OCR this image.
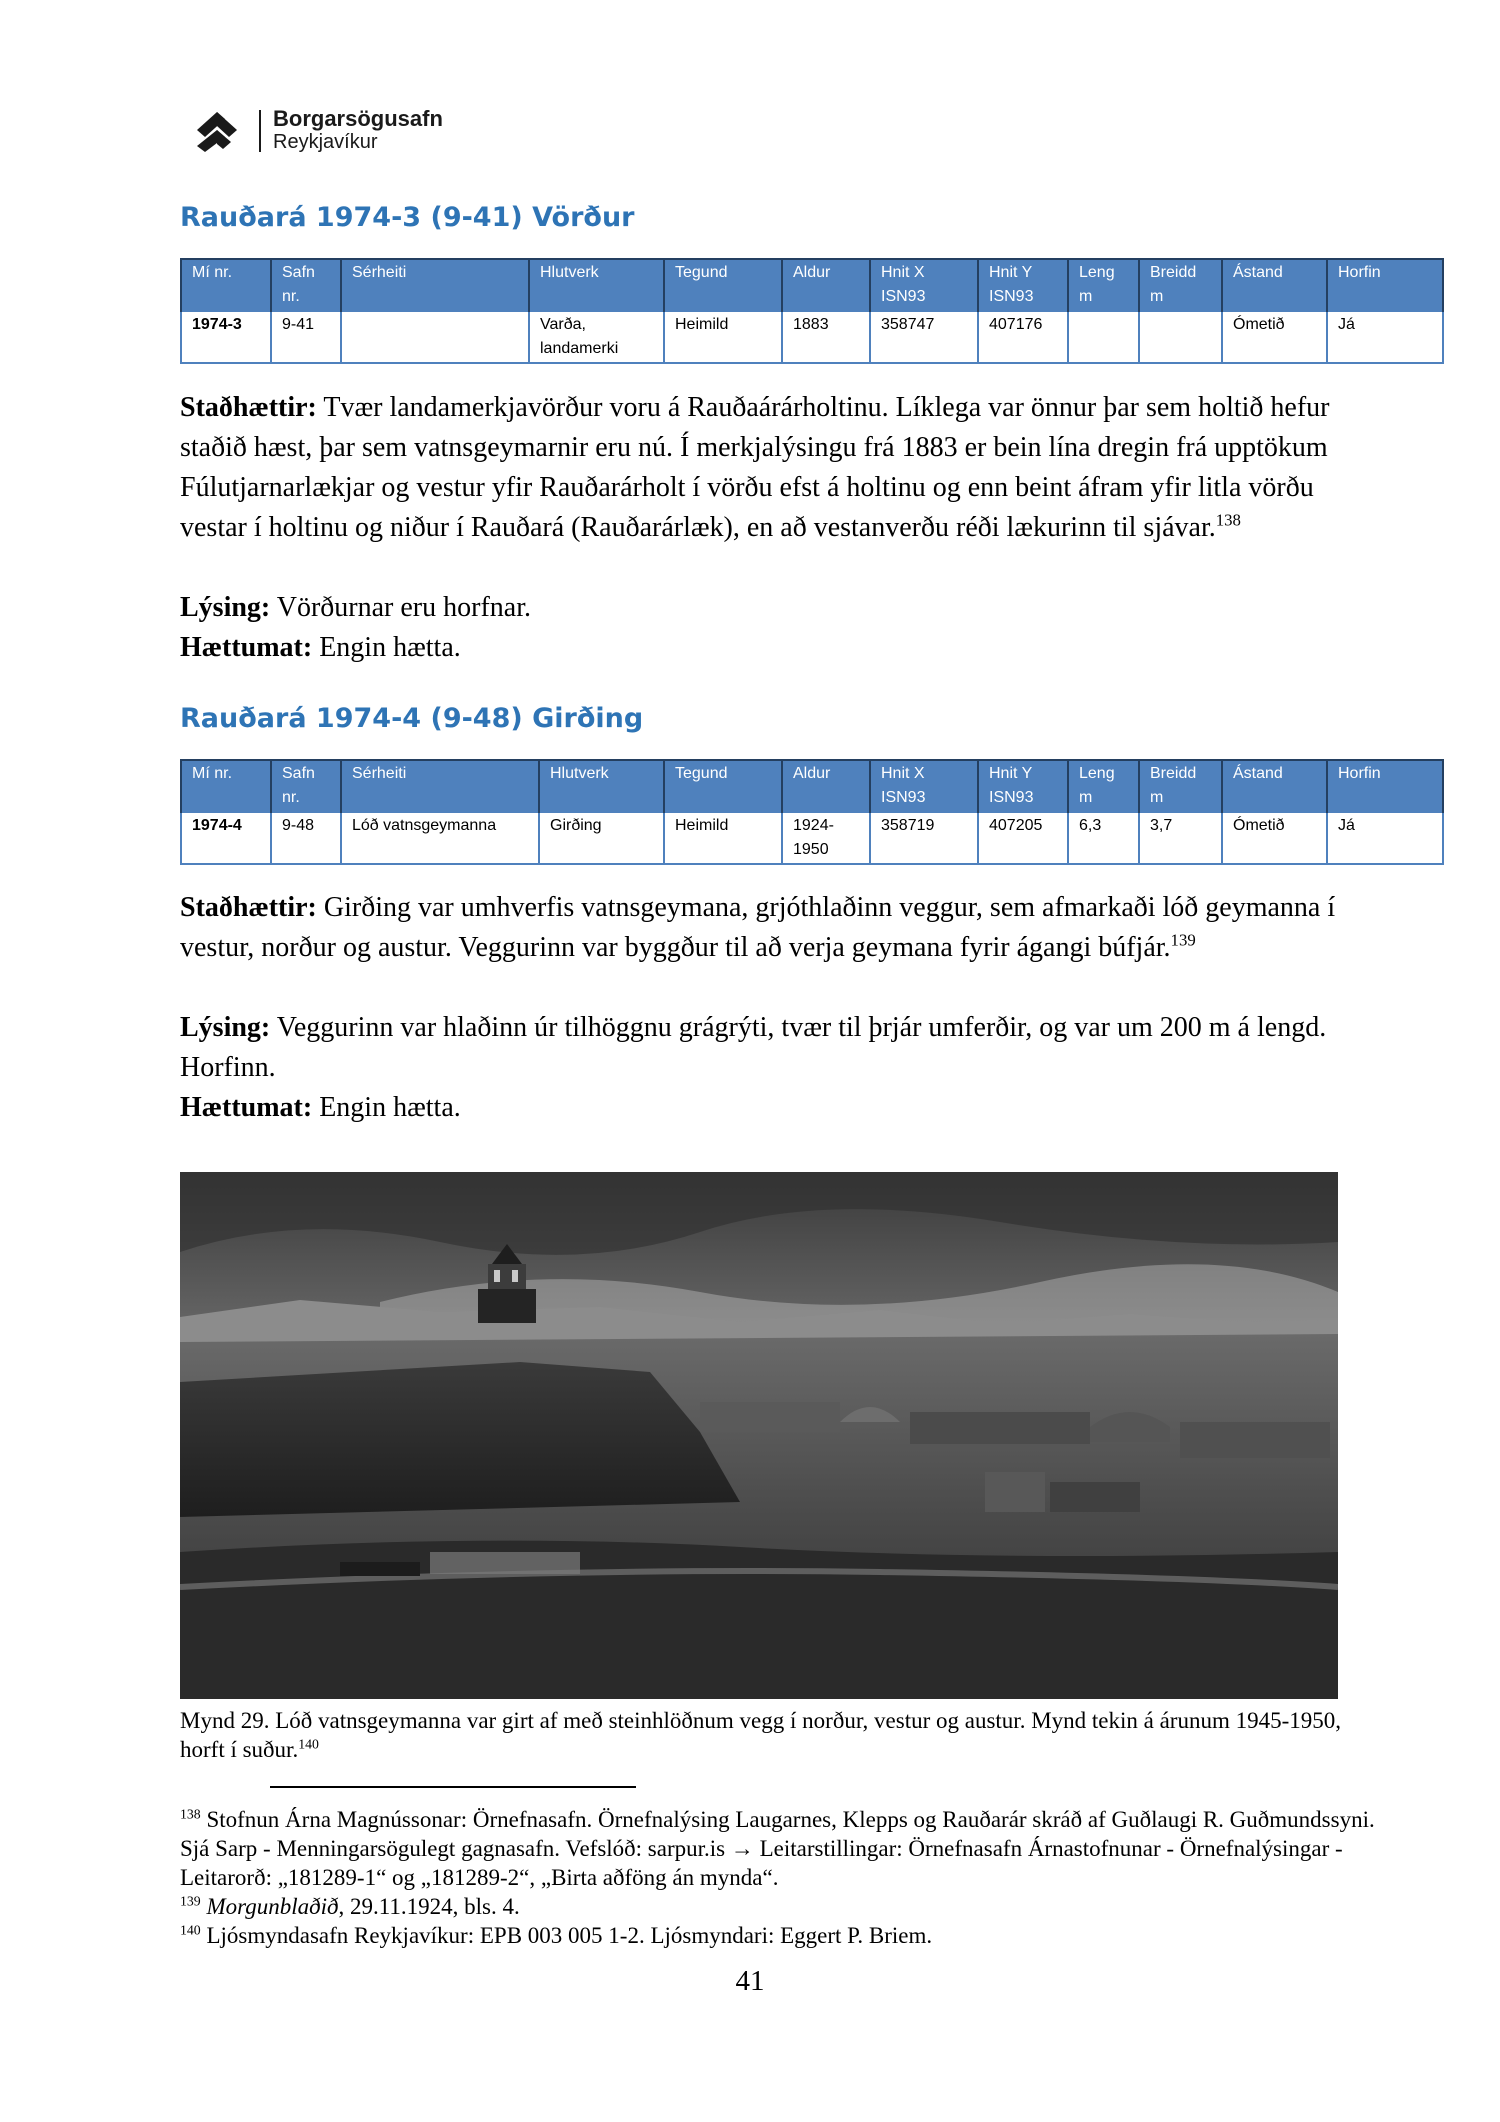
Borgarsögusafn
Reykjavíkur
Rauðará 1974-3 (9-41) Vörður
Mí nr.	Safn nr.	Sérheiti	Hlutverk	Tegund	Aldur	Hnit X ISN93	Hnit Y ISN93	Leng m	Breidd m	Ástand	Horfin
1974-3	9-41		Varða, landamerki	Heimild	1883	358747	407176			Ómetið	Já

Staðhættir: Tvær landamerkjavörður voru á Rauðaárárholtinu. Líklega var önnur þar sem holtið hefur staðið hæst, þar sem vatnsgeymarnir eru nú. Í merkjalýsingu frá 1883 er bein lína dregin frá upptökum Fúlutjarnarlækjar og vestur yfir Rauðarárholt í vörðu efst á holtinu og enn beint áfram yfir litla vörðu vestar í holtinu og niður í Rauðará (Rauðarárlæk), en að vestanverðu réði lækurinn til sjávar.$^{138}$

Lýsing: Vörðurnar eru horfnar.

Hættumat: Engin hætta.

Rauðará 1974-4 (9-48) Girðing
Mí nr.	Safn nr.	Sérheiti	Hlutverk	Tegund	Aldur	Hnit X ISN93	Hnit Y ISN93	Leng m	Breidd m	Ástand	Horfin
1974-4	9-48	Lóð vatnsgeymanna	Girðing	Heimild	1924-1950	358719	407205	6,3	3,7	Ómetið	Já

Staðhættir: Girðing var umhverfis vatnsgeymana, grjóthlaðinn veggur, sem afmarkaði lóð geymanna í vestur, norður og austur. Veggurinn var byggður til að verja geymana fyrir ágangi búfjár.$^{139}$

Lýsing: Veggurinn var hlaðinn úr tilhöggnu grágrýti, tvær til þrjár umferðir, og var um 200 m á lengd. Horfinn.

Hættumat: Engin hætta.

Mynd 29. Lóð vatnsgeymanna var girt af með steinhlöðnum vegg í norður, vestur og austur. Mynd tekin á árunum 1945-1950, horft í suður.$^{140}$

$^{138}$ Stofnun Árna Magnússonar: Örnefnasafn. Örnefnalýsing Laugarnes, Klepps og Rauðarár skráð af Guðlaugi R. Guðmundssyni. Sjá Sarp - Menningarsögulegt gagnasafn. Vefslóð: sarpur.is → Leitarstillingar: Örnefnasafn Árnastofnunar - Örnefnalýsingar - Leitarorð: „181289-1“ og „181289-2“, „Birta aðföng án mynda“.

$^{139}$ Morgunblaðið, 29.11.1924, bls. 4.

$^{140}$ Ljósmyndasafn Reykjavíkur: EPB 003 005 1-2. Ljósmyndari: Eggert P. Briem.

41
